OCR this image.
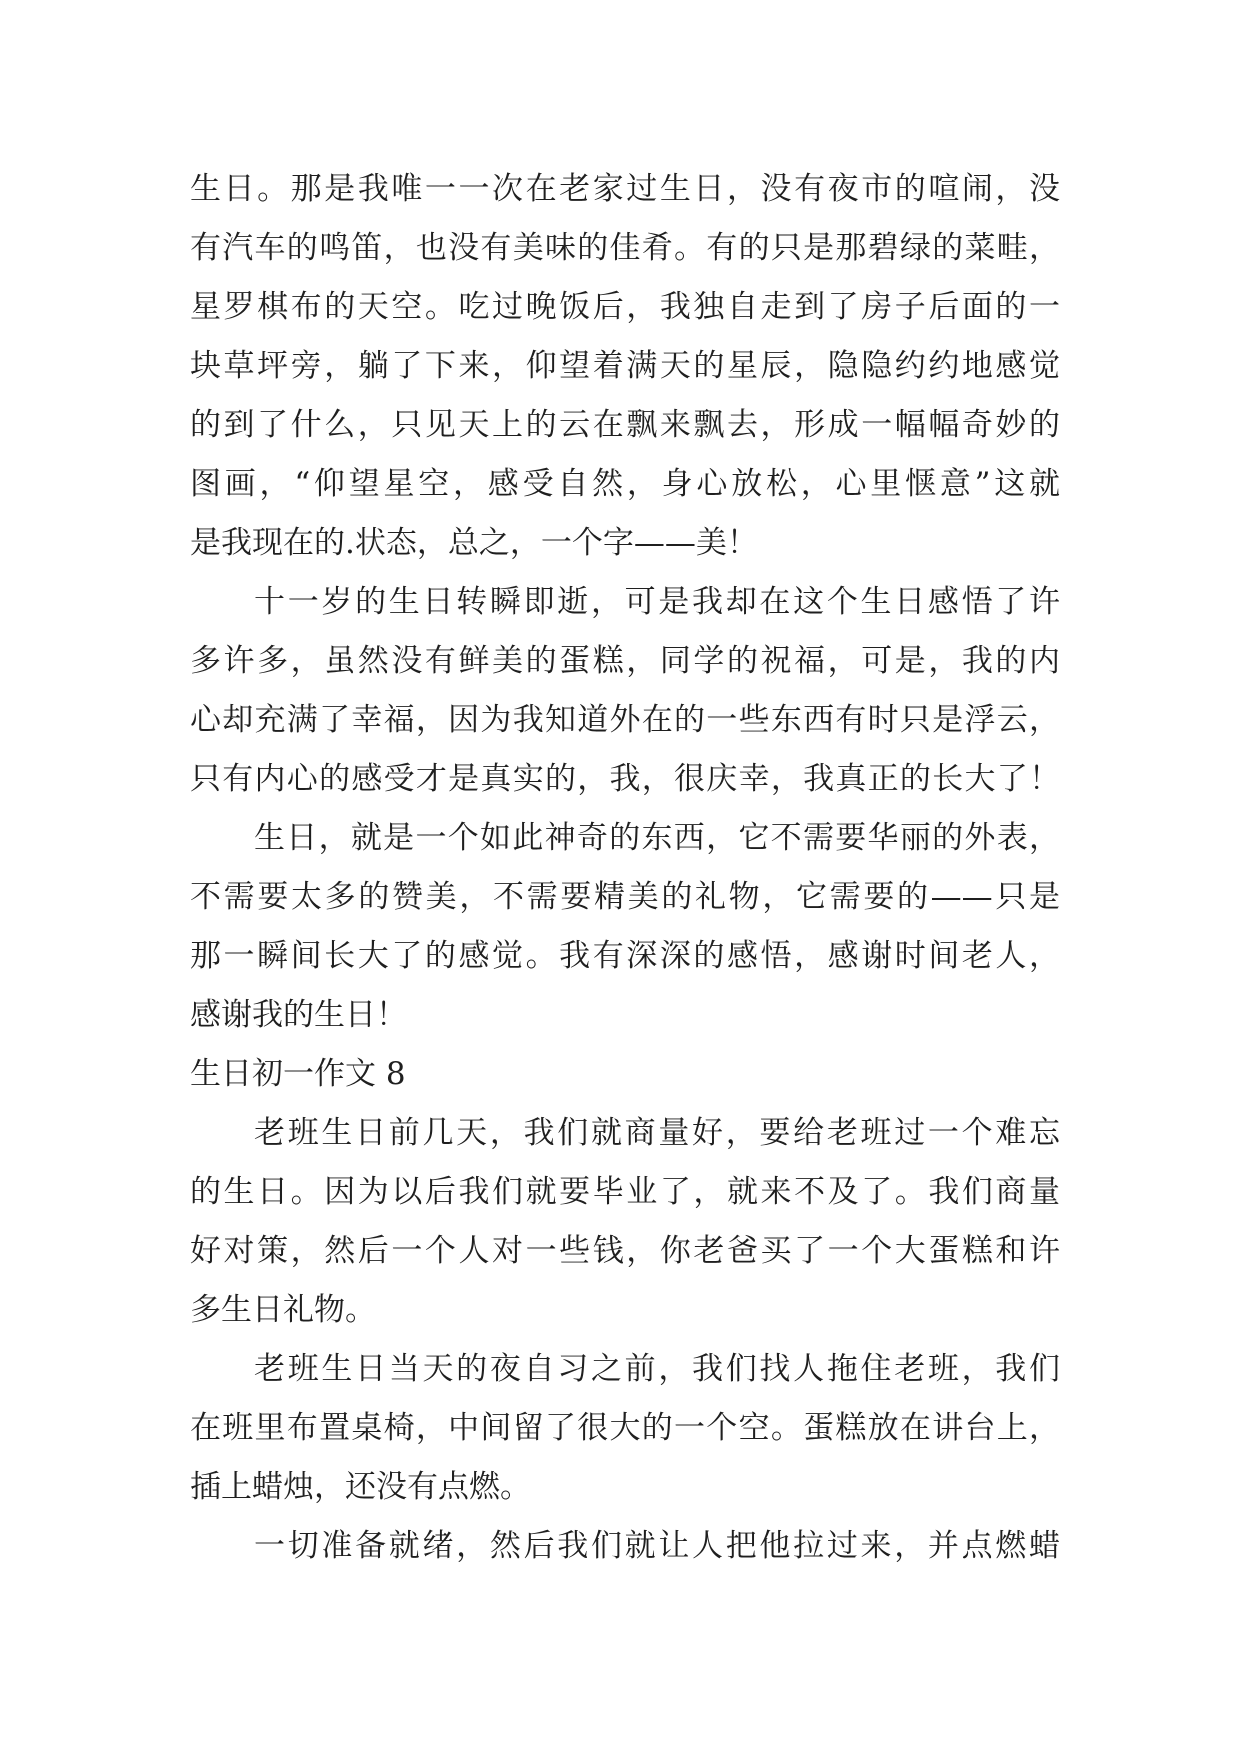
生日。那是我唯一一次在老家过生日，没有夜市的喧闹，没
有汽车的鸣笛，也没有美味的佳肴。有的只是那碧绿的菜畦，
星罗棋布的天空。吃过晚饭后，我独自走到了房子后面的一
块草坪旁，躺了下来，仰望着满天的星辰，隐隐约约地感觉
的到了什么，只见天上的云在飘来飘去，形成一幅幅奇妙的
图画，“仰望星空，感受自然，身心放松，心里惬意”这就
是我现在的.状态，总之，一个字——美！
十一岁的生日转瞬即逝，可是我却在这个生日感悟了许
多许多，虽然没有鲜美的蛋糕，同学的祝福，可是，我的内
心却充满了幸福，因为我知道外在的一些东西有时只是浮云，
只有内心的感受才是真实的，我，很庆幸，我真正的长大了！
生日，就是一个如此神奇的东西，它不需要华丽的外表，
不需要太多的赞美，不需要精美的礼物，它需要的——只是
那一瞬间长大了的感觉。我有深深的感悟，感谢时间老人，
感谢我的生日！
生日初一作文 8
老班生日前几天，我们就商量好，要给老班过一个难忘
的生日。因为以后我们就要毕业了，就来不及了。我们商量
好对策，然后一个人对一些钱，你老爸买了一个大蛋糕和许
多生日礼物。
老班生日当天的夜自习之前，我们找人拖住老班，我们
在班里布置桌椅，中间留了很大的一个空。蛋糕放在讲台上，
插上蜡烛，还没有点燃。
一切准备就绪，然后我们就让人把他拉过来，并点燃蜡
